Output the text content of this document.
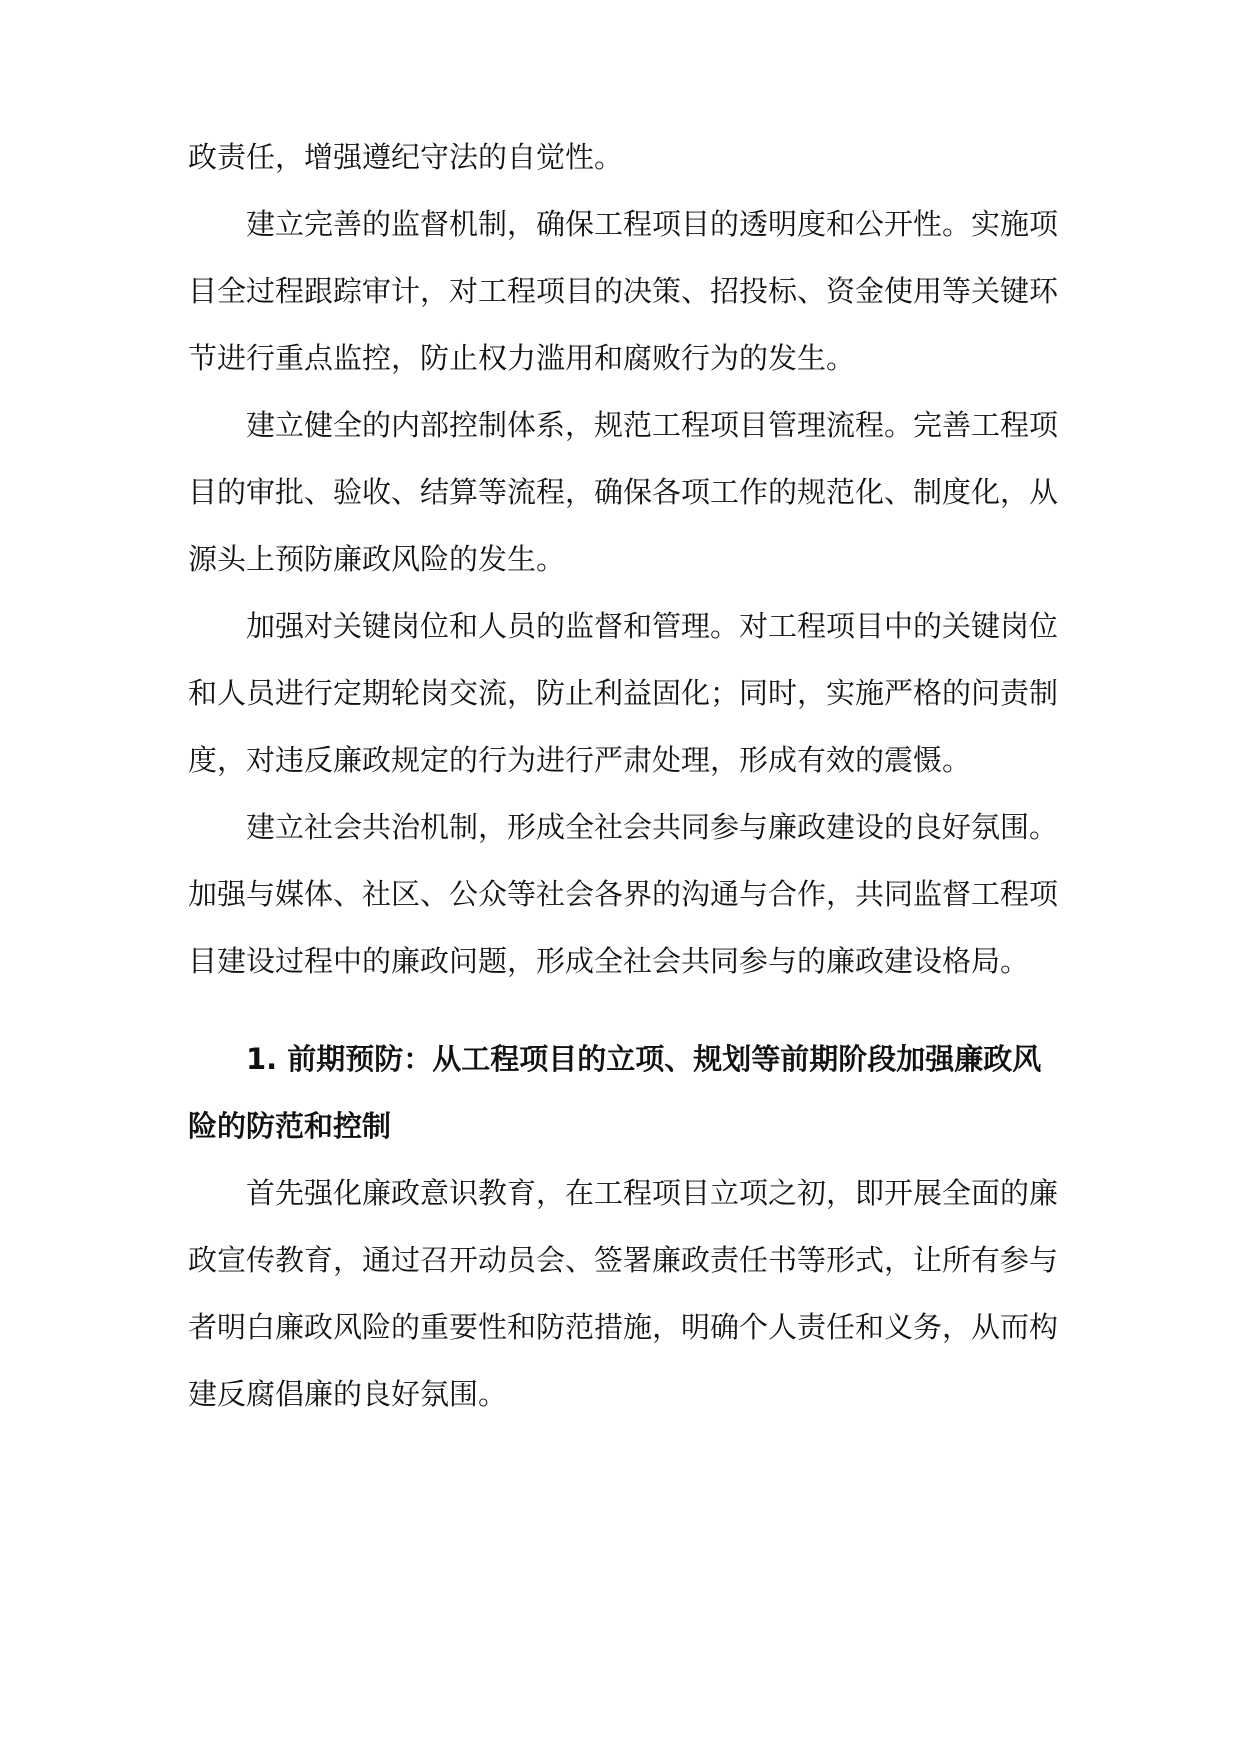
政责任，增强遵纪守法的自觉性。
建立完善的监督机制，确保工程项目的透明度和公开性。实施项
目全过程跟踪审计，对工程项目的决策、招投标、资金使用等关键环
节进行重点监控，防止权力滥用和腐败行为的发生。
建立健全的内部控制体系，规范工程项目管理流程。完善工程项
目的审批、验收、结算等流程，确保各项工作的规范化、制度化，从
源头上预防廉政风险的发生。
加强对关键岗位和人员的监督和管理。对工程项目中的关键岗位
和人员进行定期轮岗交流，防止利益固化；同时，实施严格的问责制
度，对违反廉政规定的行为进行严肃处理，形成有效的震慑。
建立社会共治机制，形成全社会共同参与廉政建设的良好氛围。
加强与媒体、社区、公众等社会各界的沟通与合作，共同监督工程项
目建设过程中的廉政问题，形成全社会共同参与的廉政建设格局。
1. 前期预防：从工程项目的立项、规划等前期阶段加强廉政风
险的防范和控制
首先强化廉政意识教育，在工程项目立项之初，即开展全面的廉
政宣传教育，通过召开动员会、签署廉政责任书等形式，让所有参与
者明白廉政风险的重要性和防范措施，明确个人责任和义务，从而构
建反腐倡廉的良好氛围。
